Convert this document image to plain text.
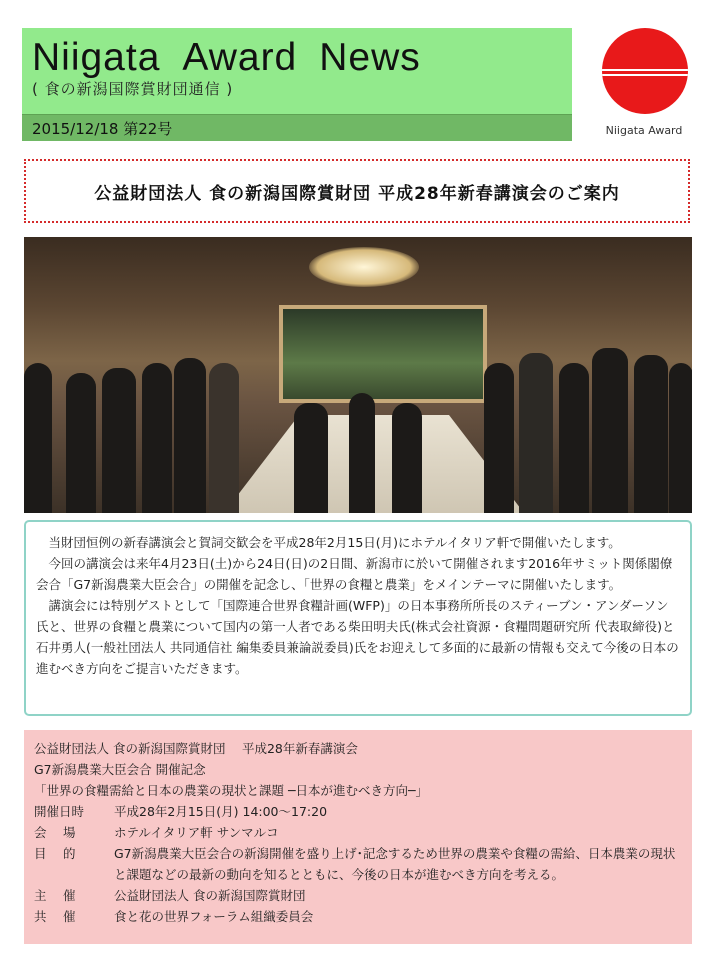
Niigata Award News
( 食の新潟国際賞財団通信 )
2015/12/18 第22号	Niigata Award
公益財団法人 食の新潟国際賞財団 平成28年新春講演会のご案内

当財団恒例の新春講演会と賀詞交歓会を平成28年2月15日(月)にホテルイタリア軒で開催いたします。

今回の講演会は来年4月23日(土)から24日(日)の2日間、新潟市に於いて開催されます2016年サミット関係閣僚会合「G7新潟農業大臣会合」の開催を記念し、「世界の食糧と農業」をメインテーマに開催いたします。

講演会には特別ゲストとして「国際連合世界食糧計画(WFP)」の日本事務所所長のスティーブン・アンダーソン氏と、世界の食糧と農業について国内の第一人者である柴田明夫氏(株式会社資源・食糧問題研究所 代表取締役)と石井勇人(一般社団法人 共同通信社 編集委員兼論説委員)氏をお迎えして多面的に最新の情報も交えて今後の日本の進むべき方向をご提言いただきます。

公益財団法人 食の新潟国際賞財団　 平成28年新春講演会
G7新潟農業大臣会合 開催記念
「世界の食糧需給と日本の農業の現状と課題 ─日本が進むべき方向─」
開催日時	平成28年2月15日(月) 14:00～17:20
会　 場	ホテルイタリア軒 サンマルコ
目　 的	G7新潟農業大臣会合の新潟開催を盛り上げ･記念するため世界の農業や食糧の需給、日本農業の現状と課題などの最新の動向を知るとともに、今後の日本が進むべき方向を考える。
主　 催	公益財団法人 食の新潟国際賞財団
共　 催	食と花の世界フォーラム組織委員会
